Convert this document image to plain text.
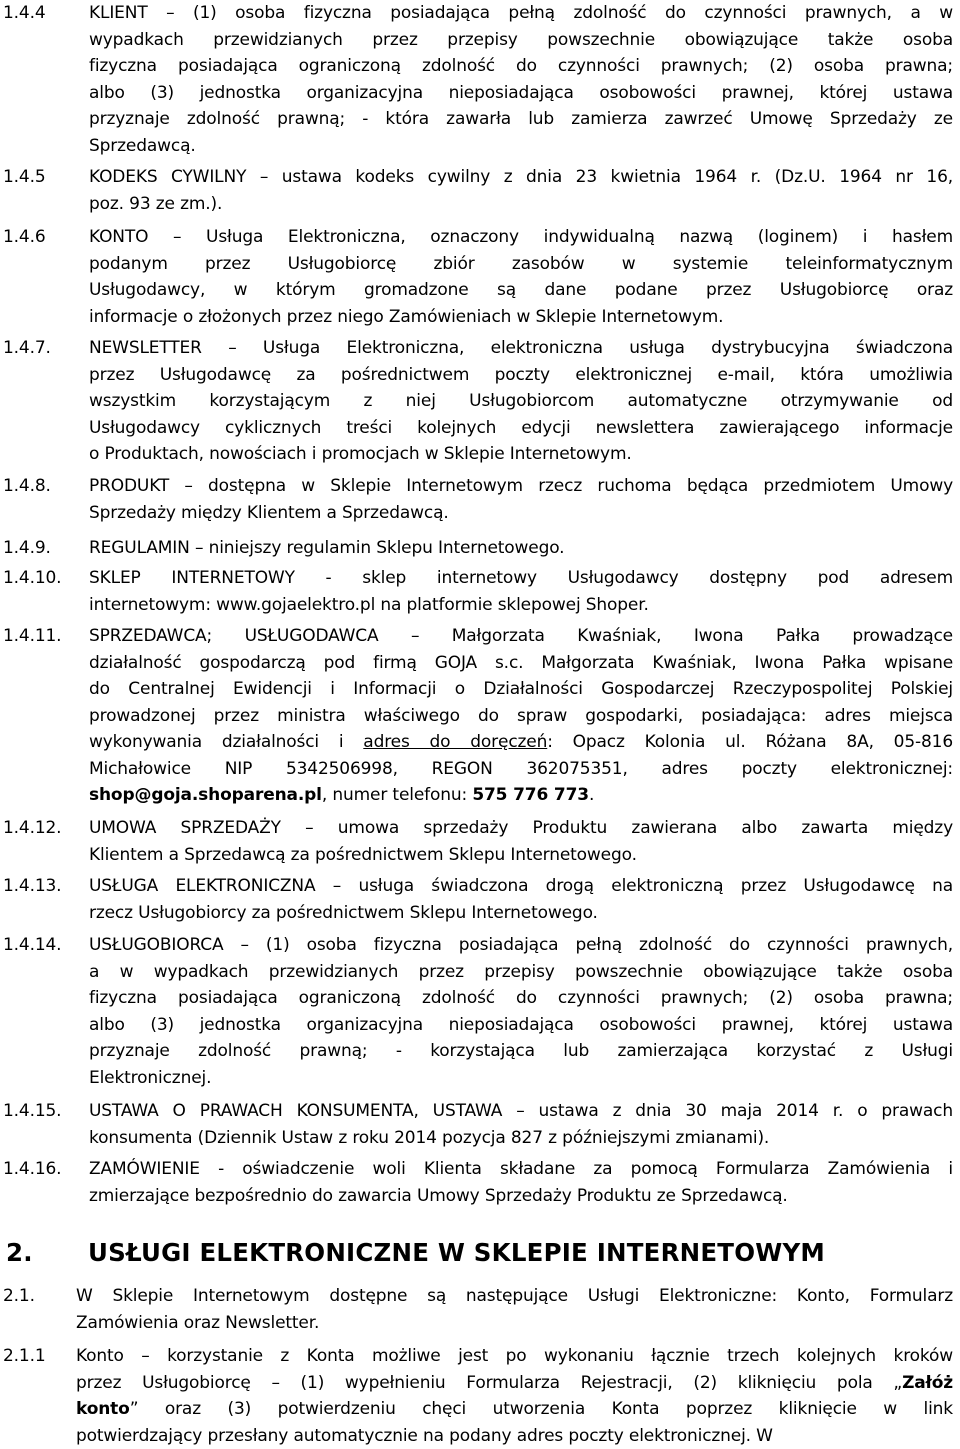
1.4.4	KLIENT – (1) osoba fizyczna posiadająca pełną zdolność do czynności prawnych, a w
wypadkach przewidzianych przez przepisy powszechnie obowiązujące także osoba
fizyczna posiadająca ograniczoną zdolność do czynności prawnych; (2) osoba prawna;
albo (3) jednostka organizacyjna nieposiadająca osobowości prawnej, której ustawa
przyznaje zdolność prawną; - która zawarła lub zamierza zawrzeć Umowę Sprzedaży ze
Sprzedawcą.
1.4.5	KODEKS CYWILNY – ustawa kodeks cywilny z dnia 23 kwietnia 1964 r. (Dz.U. 1964 nr 16,
poz. 93 ze zm.).
1.4.6	KONTO – Usługa Elektroniczna, oznaczony indywidualną nazwą (loginem) i hasłem
podanym przez Usługobiorcę zbiór zasobów w systemie teleinformatycznym
Usługodawcy, w którym gromadzone są dane podane przez Usługobiorcę oraz
informacje o złożonych przez niego Zamówieniach w Sklepie Internetowym.
1.4.7. NEWSLETTER – Usługa Elektroniczna, elektroniczna usługa dystrybucyjna świadczona
przez Usługodawcę za pośrednictwem poczty elektronicznej e-mail, która umożliwia
wszystkim korzystającym z niej Usługobiorcom automatyczne otrzymywanie od
Usługodawcy cyklicznych treści kolejnych edycji newslettera zawierającego informacje
o Produktach, nowościach i promocjach w Sklepie Internetowym.
1.4.8. PRODUKT – dostępna w Sklepie Internetowym rzecz ruchoma będąca przedmiotem Umowy
Sprzedaży między Klientem a Sprzedawcą.
1.4.9. REGULAMIN – niniejszy regulamin Sklepu Internetowego.
1.4.10. SKLEP INTERNETOWY - sklep internetowy Usługodawcy dostępny pod adresem
internetowym: www.gojaelektro.pl na platformie sklepowej Shoper.
1.4.11. SPRZEDAWCA; USŁUGODAWCA – Małgorzata Kwaśniak, Iwona Pałka prowadzące
działalność gospodarczą pod firmą GOJA s.c. Małgorzata Kwaśniak, Iwona Pałka wpisane
do Centralnej Ewidencji i Informacji o Działalności Gospodarczej Rzeczypospolitej Polskiej
prowadzonej przez ministra właściwego do spraw gospodarki, posiadająca: adres miejsca
wykonywania działalności i adres do doręczeń: Opacz Kolonia ul. Różana 8A, 05-816
Michałowice NIP 5342506998, REGON 362075351, adres poczty elektronicznej:
shop@goja.shoparena.pl, numer telefonu: 575 776 773.
1.4.12. UMOWA SPRZEDAŻY – umowa sprzedaży Produktu zawierana albo zawarta między
Klientem a Sprzedawcą za pośrednictwem Sklepu Internetowego.
1.4.13. USŁUGA ELEKTRONICZNA – usługa świadczona drogą elektroniczną przez Usługodawcę na
rzecz Usługobiorcy za pośrednictwem Sklepu Internetowego.
1.4.14. USŁUGOBIORCA – (1) osoba fizyczna posiadająca pełną zdolność do czynności prawnych,
a w wypadkach przewidzianych przez przepisy powszechnie obowiązujące także osoba
fizyczna posiadająca ograniczoną zdolność do czynności prawnych; (2) osoba prawna;
albo (3) jednostka organizacyjna nieposiadająca osobowości prawnej, której ustawa
przyznaje zdolność prawną; - korzystająca lub zamierzająca korzystać z Usługi
Elektronicznej.
1.4.15. USTAWA O PRAWACH KONSUMENTA, USTAWA – ustawa z dnia 30 maja 2014 r. o prawach
konsumenta (Dziennik Ustaw z roku 2014 pozycja 827 z późniejszymi zmianami).
1.4.16. ZAMÓWIENIE - oświadczenie woli Klienta składane za pomocą Formularza Zamówienia i
zmierzające bezpośrednio do zawarcia Umowy Sprzedaży Produktu ze Sprzedawcą.
2.1. W Sklepie Internetowym dostępne są następujące Usługi Elektroniczne: Konto, Formularz
Zamówienia oraz Newsletter.
2.1.1 Konto – korzystanie z Konta możliwe jest po wykonaniu łącznie trzech kolejnych kroków
przez Usługobiorcę – (1) wypełnieniu Formularza Rejestracji, (2) kliknięciu pola „Załóż
konto” oraz (3) potwierdzeniu chęci utworzenia Konta poprzez kliknięcie w link
potwierdzający przesłany automatycznie na podany adres poczty elektronicznej. W
2. USŁUGI ELEKTRONICZNE W SKLEPIE INTERNETOWYM
